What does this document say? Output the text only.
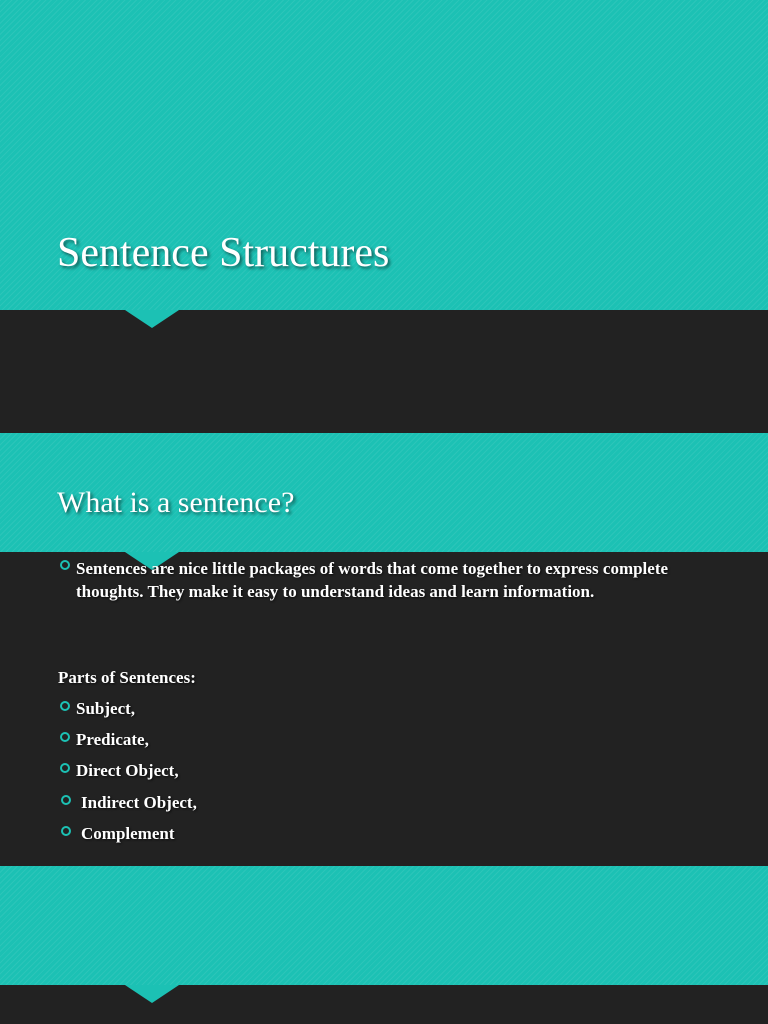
Sentence Structures
What is a sentence?
Sentences are nice little packages of words that come together to express complete thoughts. They make it easy to understand ideas and learn information.
Parts of Sentences:
Subject,
Predicate,
Direct Object,
Indirect Object,
Complement
